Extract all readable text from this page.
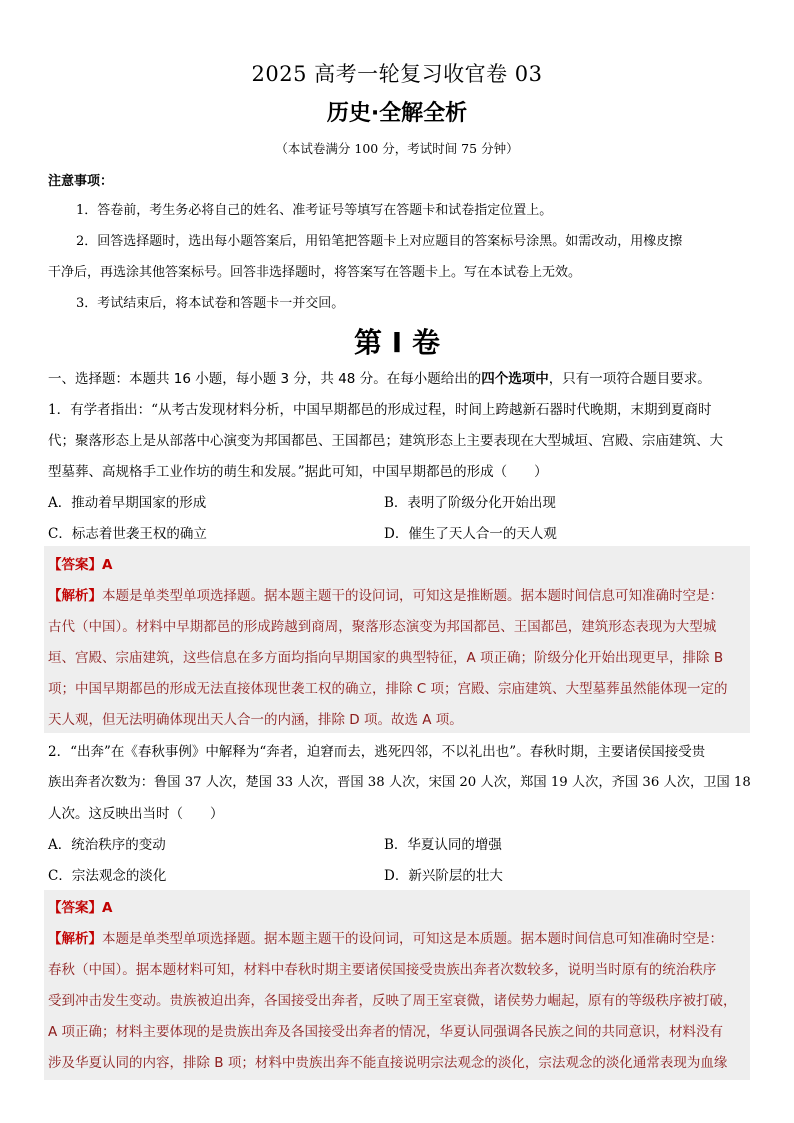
2025 高考一轮复习收官卷 03
历史·全解全析
（本试卷满分 100 分，考试时间 75 分钟）
注意事项：

1．答卷前，考生务必将自己的姓名、准考证号等填写在答题卡和试卷指定位置上。

2．回答选择题时，选出每小题答案后，用铅笔把答题卡上对应题目的答案标号涂黑。如需改动，用橡皮擦

干净后，再选涂其他答案标号。回答非选择题时，将答案写在答题卡上。写在本试卷上无效。

3．考试结束后，将本试卷和答题卡一并交回。

第 I 卷
一、选择题：本题共 16 小题，每小题 3 分，共 48 分。在每小题给出的四个选项中，只有一项符合题目要求。
1．有学者指出：“从考古发现材料分析，中国早期都邑的形成过程，时间上跨越新石器时代晚期，末期到夏商时
代；聚落形态上是从部落中心演变为邦国都邑、王国都邑；建筑形态上主要表现在大型城垣、宫殿、宗庙建筑、大
型墓葬、高规格手工业作坊的萌生和发展。”据此可知，中国早期都邑的形成（　　）
A．推动着早期国家的形成	B．表明了阶级分化开始出现
C．标志着世袭王权的确立	D．催生了天人合一的天人观
【答案】A
【解析】本题是单类型单项选择题。据本题主题干的设问词，可知这是推断题。据本题时间信息可知准确时空是：
古代（中国）。材料中早期都邑的形成跨越到商周，聚落形态演变为邦国都邑、王国都邑，建筑形态表现为大型城
垣、宫殿、宗庙建筑，这些信息在多方面均指向早期国家的典型特征，A 项正确；阶级分化开始出现更早，排除 B
项；中国早期都邑的形成无法直接体现世袭工权的确立，排除 C 项；宫殿、宗庙建筑、大型墓葬虽然能体现一定的
天人观，但无法明确体现出天人合一的内涵，排除 D 项。故选 A 项。
2．“出奔”在《春秋事例》中解释为“奔者，迫窘而去，逃死四邻，不以礼出也”。春秋时期，主要诸侯国接受贵
族出奔者次数为：鲁国 37 人次，楚国 33 人次，晋国 38 人次，宋国 20 人次，郑国 19 人次，齐国 36 人次，卫国 18
人次。这反映出当时（　　）
A．统治秩序的变动	B．华夏认同的增强
C．宗法观念的淡化	D．新兴阶层的壮大
【答案】A
【解析】本题是单类型单项选择题。据本题主题干的设问词，可知这是本质题。据本题时间信息可知准确时空是：
春秋（中国）。据本题材料可知，材料中春秋时期主要诸侯国接受贵族出奔者次数较多，说明当时原有的统治秩序
受到冲击发生变动。贵族被迫出奔，各国接受出奔者，反映了周王室衰微，诸侯势力崛起，原有的等级秩序被打破，
A 项正确；材料主要体现的是贵族出奔及各国接受出奔者的情况，华夏认同强调各民族之间的共同意识，材料没有
涉及华夏认同的内容，排除 B 项；材料中贵族出奔不能直接说明宗法观念的淡化，宗法观念的淡化通常表现为血缘
